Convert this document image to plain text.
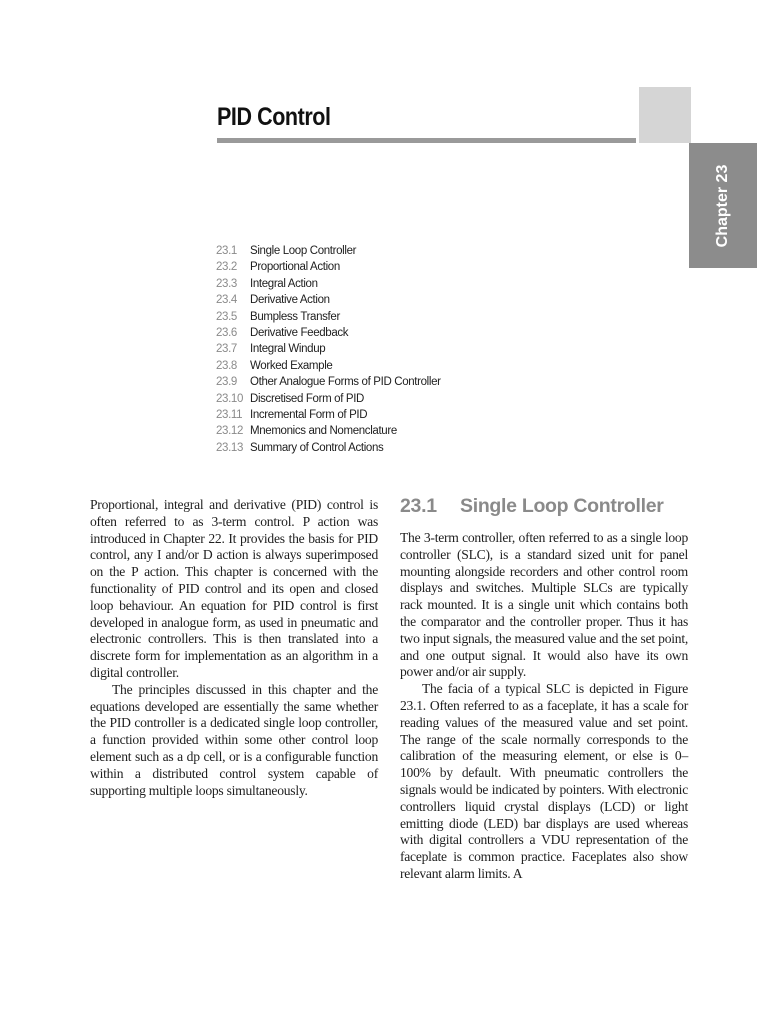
Chapter 23
PID Control
23.1	Single Loop Controller
23.2	Proportional Action
23.3	Integral Action
23.4	Derivative Action
23.5	Bumpless Transfer
23.6	Derivative Feedback
23.7	Integral Windup
23.8	Worked Example
23.9	Other Analogue Forms of PID Controller
23.10 Discretised Form of PID
23.11 Incremental Form of PID
23.12 Mnemonics and Nomenclature
23.13 Summary of Control Actions

Proportional, integral and derivative (PID) control is often referred to as 3-term control. P action was introduced in Chapter 22. It provides the basis for PID control, any I and/or D action is always superimposed on the P action. This chapter is concerned with the functionality of PID control and its open and closed loop behaviour. An equation for PID control is first developed in analogue form, as used in pneumatic and electronic controllers. This is then translated into a discrete form for implementation as an algorithm in a digital controller.

The principles discussed in this chapter and the equations developed are essentially the same whether the PID controller is a dedicated single loop controller, a function provided within some other control loop element such as a dp cell, or is a configurable function within a distributed control system capable of supporting multiple loops simultaneously.

23.1 Single Loop Controller

The 3-term controller, often referred to as a single loop controller (SLC), is a standard sized unit for panel mounting alongside recorders and other control room displays and switches. Multiple SLCs are typically rack mounted. It is a single unit which contains both the comparator and the controller proper. Thus it has two input signals, the measured value and the set point, and one output signal. It would also have its own power and/or air supply.

The facia of a typical SLC is depicted in Figure 23.1. Often referred to as a faceplate, it has a scale for reading values of the measured value and set point. The range of the scale normally corresponds to the calibration of the measuring element, or else is 0–100% by default. With pneumatic controllers the signals would be indicated by pointers. With electronic controllers liquid crystal displays (LCD) or light emitting diode (LED) bar displays are used whereas with digital controllers a VDU representation of the faceplate is common practice. Faceplates also show relevant alarm limits. A
